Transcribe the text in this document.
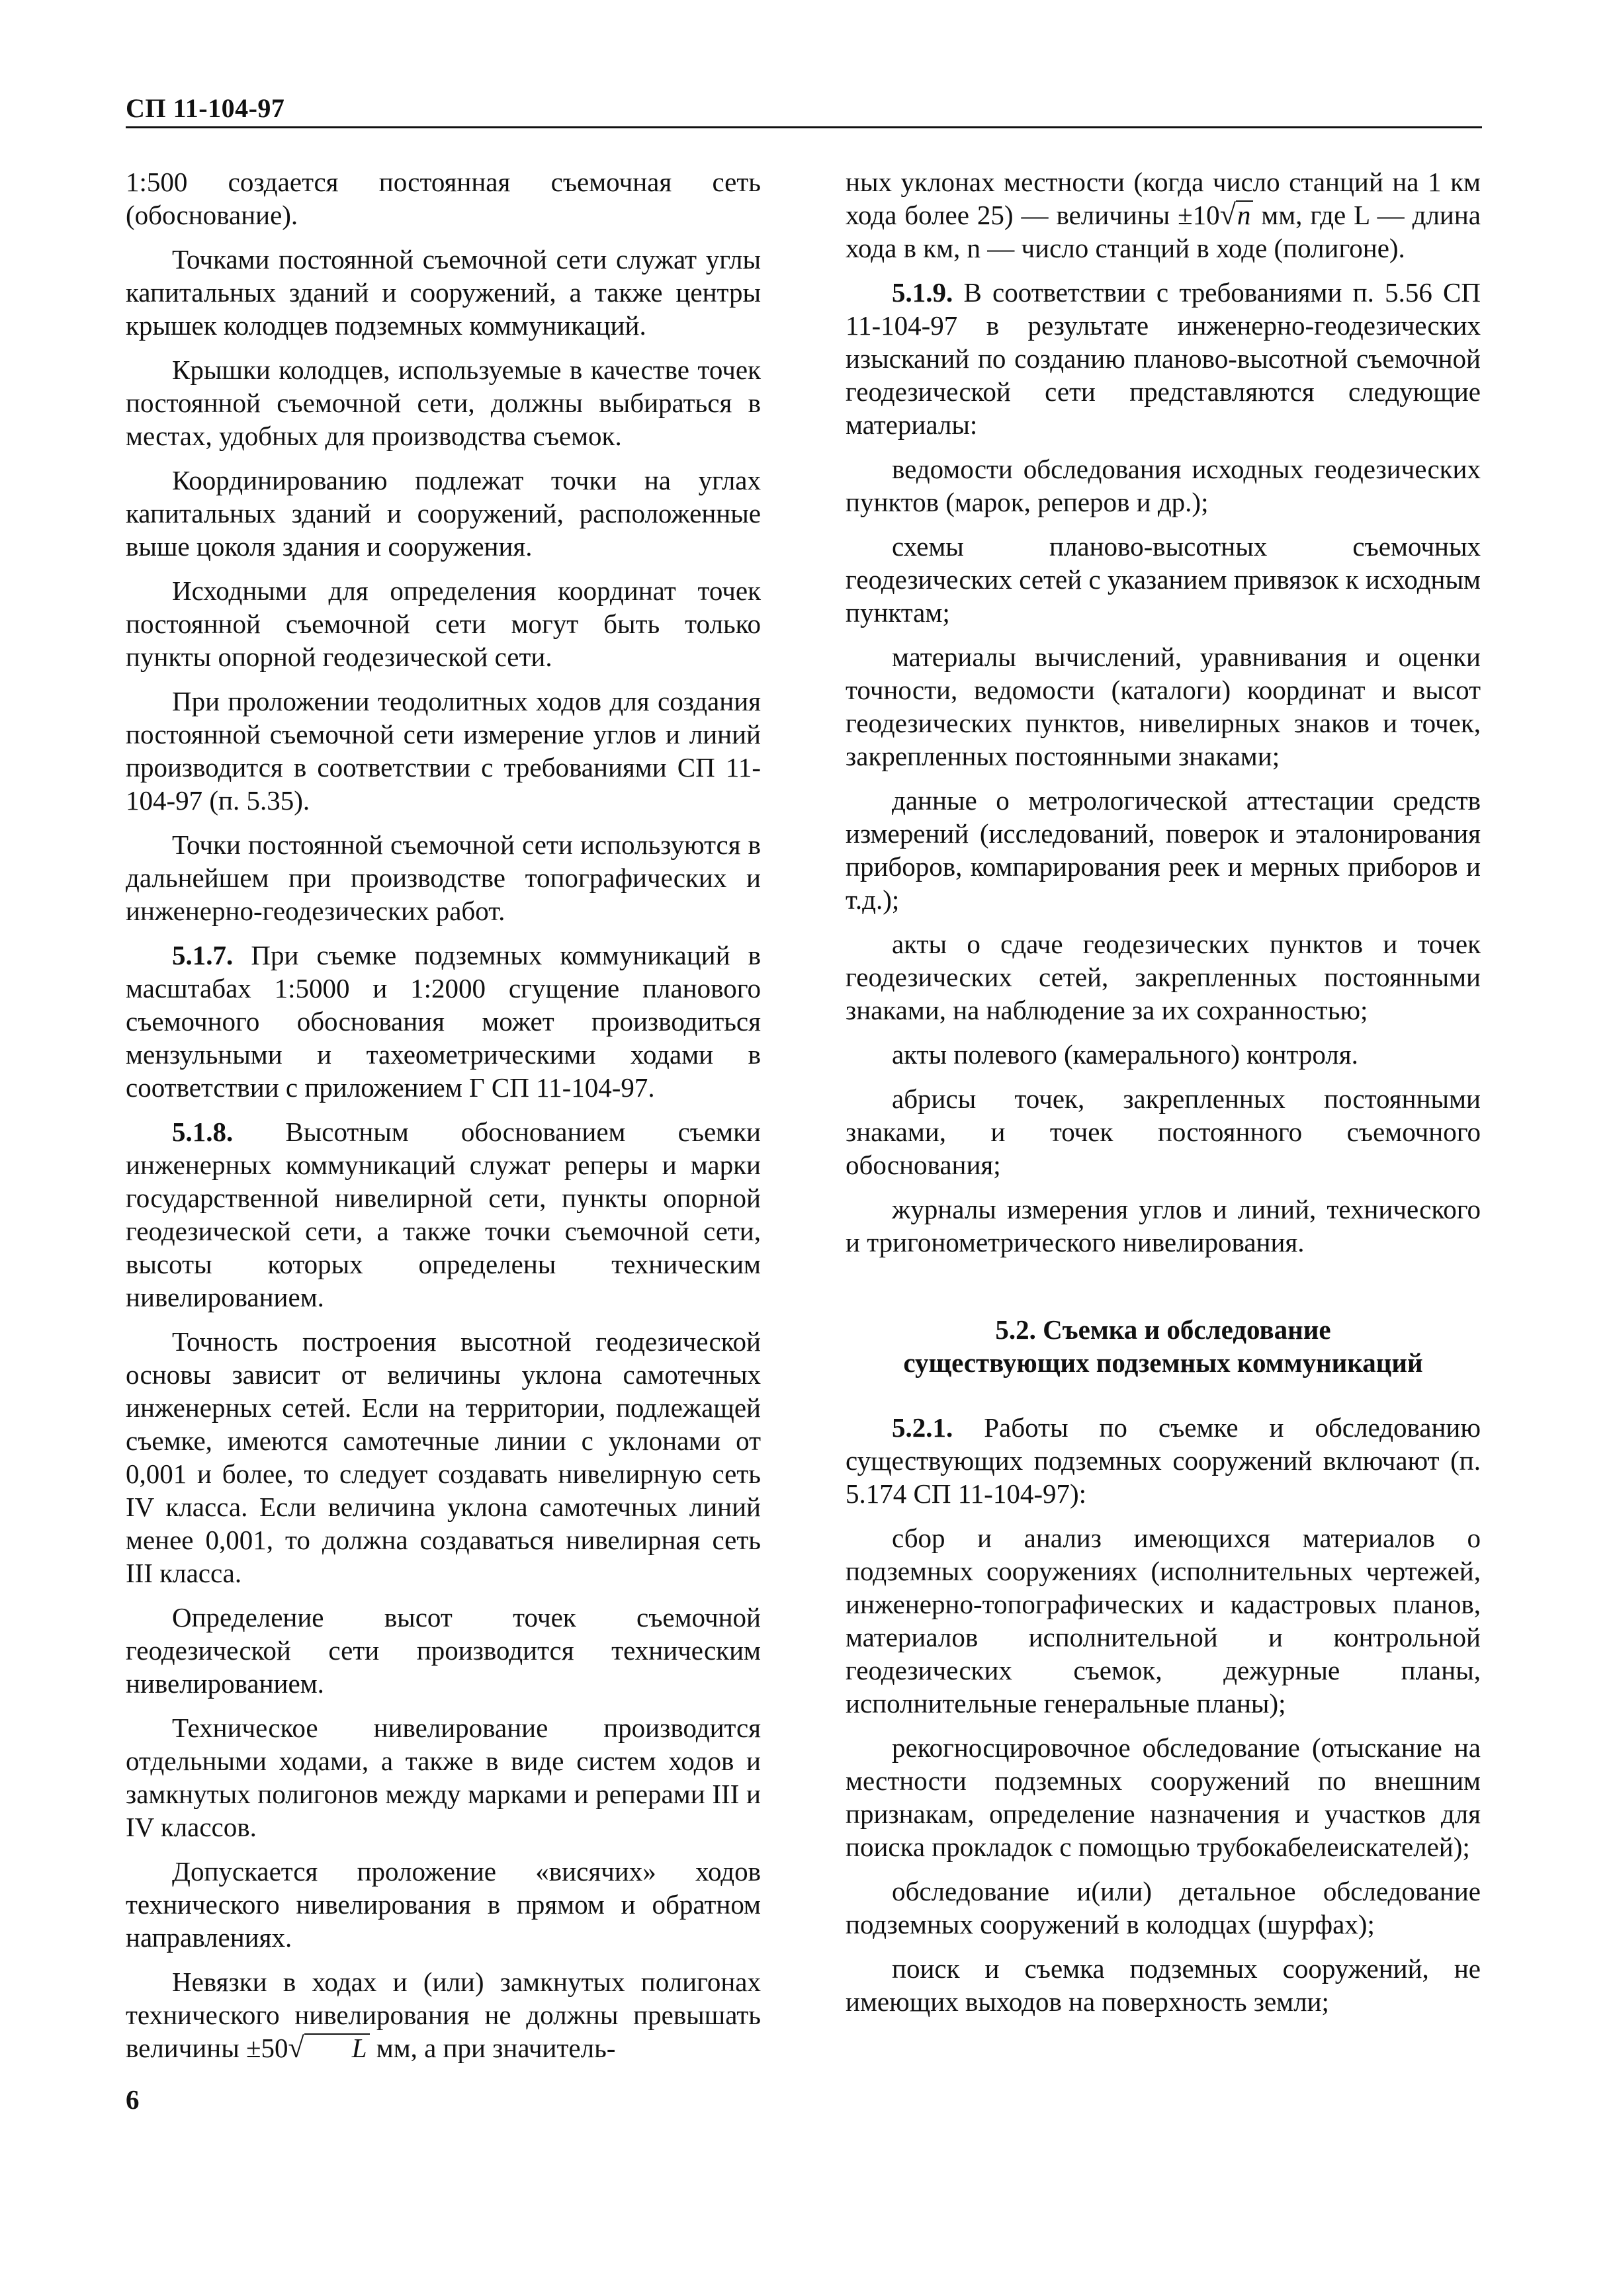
СП 11-104-97

1:500 создается постоянная съемочная сеть (обоснование).

Точками постоянной съемочной сети служат углы капитальных зданий и сооружений, а также центры крышек колодцев подземных коммуникаций.

Крышки колодцев, используемые в качестве точек постоянной съемочной сети, должны выбираться в местах, удобных для производства съемок.

Координированию подлежат точки на углах капитальных зданий и сооружений, расположенные выше цоколя здания и сооружения.

Исходными для определения координат точек постоянной съемочной сети могут быть только пункты опорной геодезической сети.

При проложении теодолитных ходов для создания постоянной съемочной сети измерение углов и линий производится в соответствии с требованиями СП 11-104-97 (п. 5.35).

Точки постоянной съемочной сети используются в дальнейшем при производстве топографических и инженерно-геодезических работ.

5.1.7. При съемке подземных коммуникаций в масштабах 1:5000 и 1:2000 сгущение планового съемочного обоснования может производиться мензульными и тахеометрическими ходами в соответствии с приложением Г СП 11-104-97.

5.1.8. Высотным обоснованием съемки инженерных коммуникаций служат реперы и марки государственной нивелирной сети, пункты опорной геодезической сети, а также точки съемочной сети, высоты которых определены техническим нивелированием.

Точность построения высотной геодезической основы зависит от величины уклона самотечных инженерных сетей. Если на территории, подлежащей съемке, имеются самотечные линии с уклонами от 0,001 и более, то следует создавать нивелирную сеть IV класса. Если величина уклона самотечных линий менее 0,001, то должна создаваться нивелирная сеть III класса.

Определение высот точек съемочной геодезической сети производится техническим нивелированием.

Техническое нивелирование производится отдельными ходами, а также в виде систем ходов и замкнутых полигонов между марками и реперами III и IV классов.

Допускается проложение «висячих» ходов технического нивелирования в прямом и обратном направлениях.

Невязки в ходах и (или) замкнутых полигонах технического нивелирования не должны превышать величины ±50√ L мм, а при значитель-

ных уклонах местности (когда число станций на 1 км хода более 25) — величины ±10√n мм, где L — длина хода в км, n — число станций в ходе (полигоне).

5.1.9. В соответствии с требованиями п. 5.56 СП 11-104-97 в результате инженерно-геодезических изысканий по созданию планово-высотной съемочной геодезической сети представляются следующие материалы:

ведомости обследования исходных геодезических пунктов (марок, реперов и др.);

схемы планово-высотных съемочных геодезических сетей с указанием привязок к исходным пунктам;

материалы вычислений, уравнивания и оценки точности, ведомости (каталоги) координат и высот геодезических пунктов, нивелирных знаков и точек, закрепленных постоянными знаками;

данные о метрологической аттестации средств измерений (исследований, поверок и эталонирования приборов, компарирования реек и мерных приборов и т.д.);

акты о сдаче геодезических пунктов и точек геодезических сетей, закрепленных постоянными знаками, на наблюдение за их сохранностью;

акты полевого (камерального) контроля.

абрисы точек, закрепленных постоянными знаками, и точек постоянного съемочного обоснования;

журналы измерения углов и линий, технического и тригонометрического нивелирования.

5.2. Съемка и обследование
существующих подземных коммуникаций

5.2.1. Работы по съемке и обследованию существующих подземных сооружений включают (п. 5.174 СП 11-104-97):

сбор и анализ имеющихся материалов о подземных сооружениях (исполнительных чертежей, инженерно-топографических и кадастровых планов, материалов исполнительной и контрольной геодезических съемок, дежурные планы, исполнительные генеральные планы);

рекогносцировочное обследование (отыскание на местности подземных сооружений по внешним признакам, определение назначения и участков для поиска прокладок с помощью трубокабелеискателей);

обследование и(или) детальное обследование подземных сооружений в колодцах (шурфах);

поиск и съемка подземных сооружений, не имеющих выходов на поверхность земли;

6
